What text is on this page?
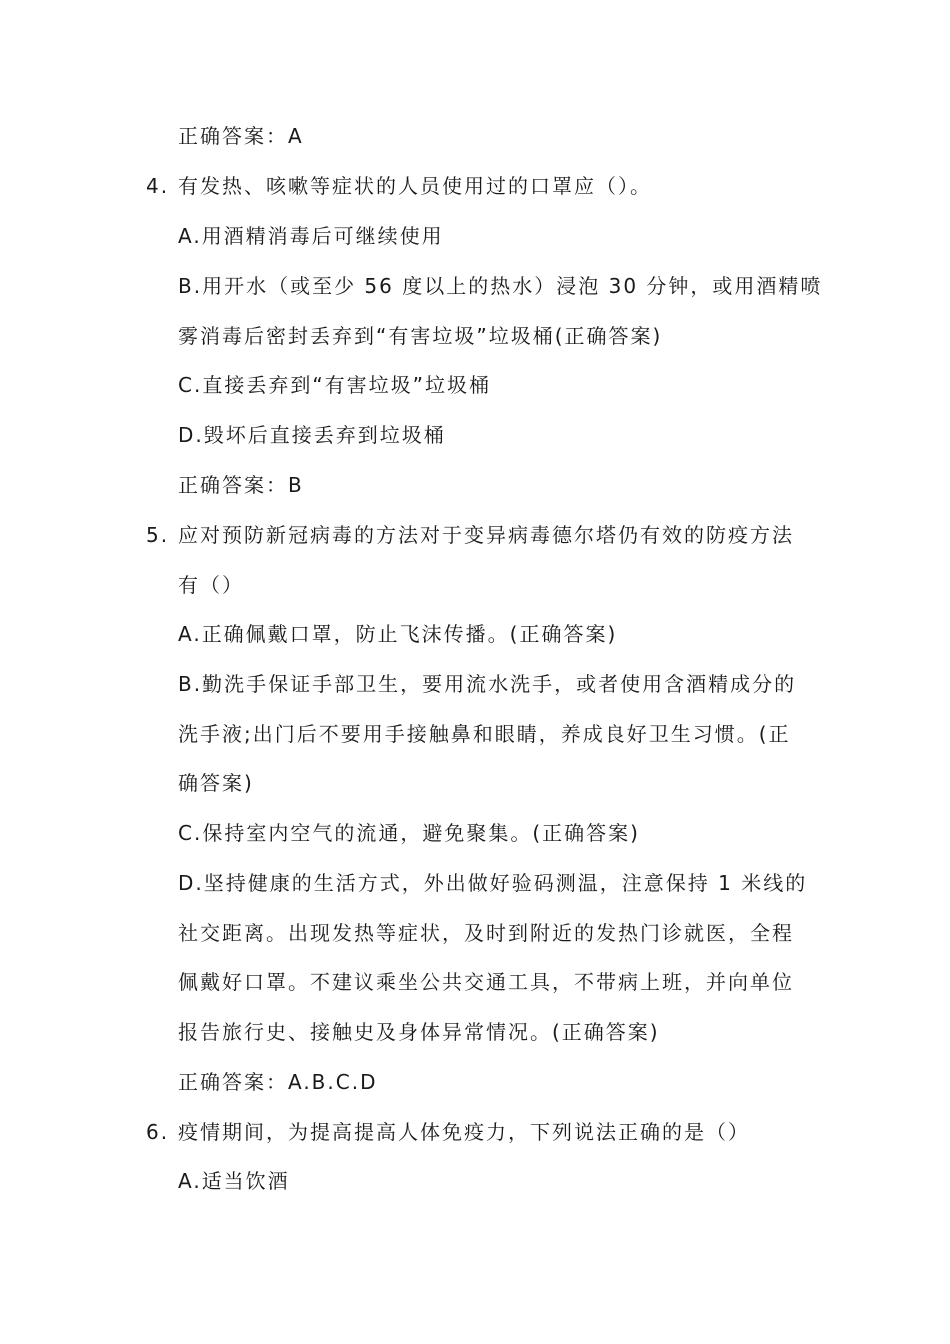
正确答案：A
4. 有发热、咳嗽等症状的人员使用过的口罩应（）。
A.用酒精消毒后可继续使用
B.用开水（或至少 56 度以上的热水）浸泡 30 分钟，或用酒精喷
雾消毒后密封丢弃到“有害垃圾”垃圾桶(正确答案)
C.直接丢弃到“有害垃圾”垃圾桶
D.毁坏后直接丢弃到垃圾桶
正确答案：B
5. 应对预防新冠病毒的方法对于变异病毒德尔塔仍有效的防疫方法
有（）
A.正确佩戴口罩，防止飞沫传播。(正确答案)
B.勤洗手保证手部卫生，要用流水洗手，或者使用含酒精成分的
洗手液;出门后不要用手接触鼻和眼睛，养成良好卫生习惯。(正
确答案)
C.保持室内空气的流通，避免聚集。(正确答案)
D.坚持健康的生活方式，外出做好验码测温，注意保持 1 米线的
社交距离。出现发热等症状，及时到附近的发热门诊就医，全程
佩戴好口罩。不建议乘坐公共交通工具，不带病上班，并向单位
报告旅行史、接触史及身体异常情况。(正确答案)
正确答案：A.B.C.D
6. 疫情期间，为提高提高人体免疫力，下列说法正确的是（）
A.适当饮酒
